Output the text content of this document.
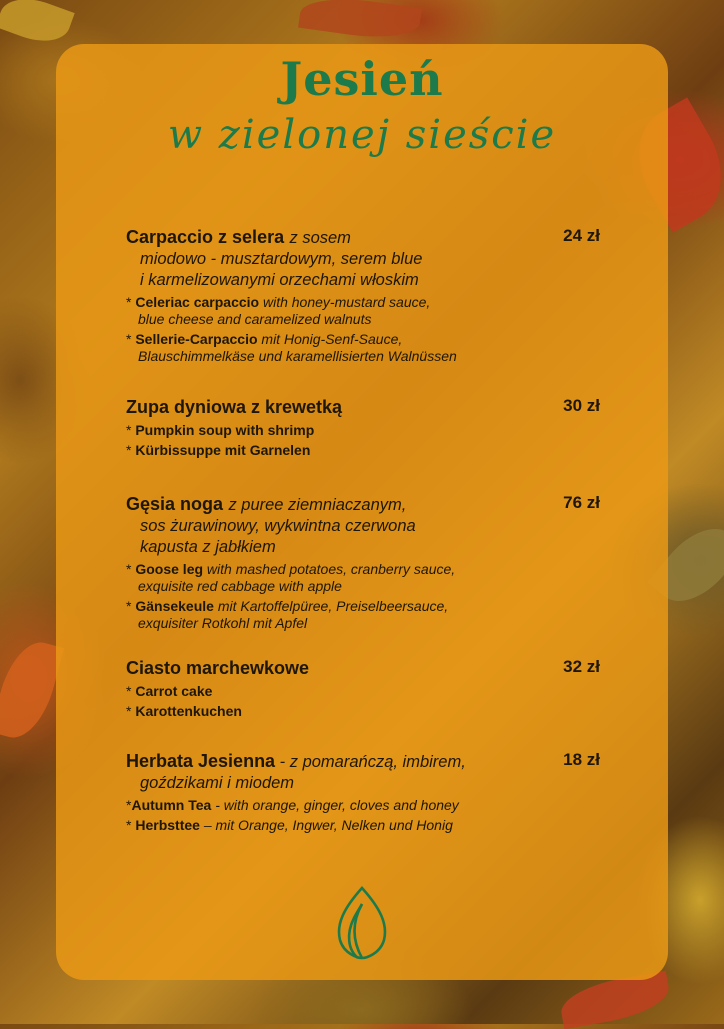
Jesień
w zielonej sieście
24 zł
Carpaccio z selera z sosem
miodowo - musztardowym, serem blue
i karmelizowanymi orzechami włoskim
* Celeriac carpaccio with honey-mustard sauce,
blue cheese and caramelized walnuts
* Sellerie-Carpaccio mit Honig-Senf-Sauce,
Blauschimmelkäse und karamellisierten Walnüssen
30 zł
Zupa dyniowa z krewetką
* Pumpkin soup with shrimp
* Kürbissuppe mit Garnelen
76 zł
Gęsia noga z puree ziemniaczanym,
sos żurawinowy, wykwintna czerwona
kapusta z jabłkiem
* Goose leg with mashed potatoes, cranberry sauce,
exquisite red cabbage with apple
* Gänsekeule mit Kartoffelpüree, Preiselbeersauce,
exquisiter Rotkohl mit Apfel
32 zł
Ciasto marchewkowe
* Carrot cake
* Karottenkuchen
18 zł
Herbata Jesienna - z pomarańczą, imbirem,
goździkami i miodem
*Autumn Tea - with orange, ginger, cloves and honey
* Herbsttee – mit Orange, Ingwer, Nelken und Honig
